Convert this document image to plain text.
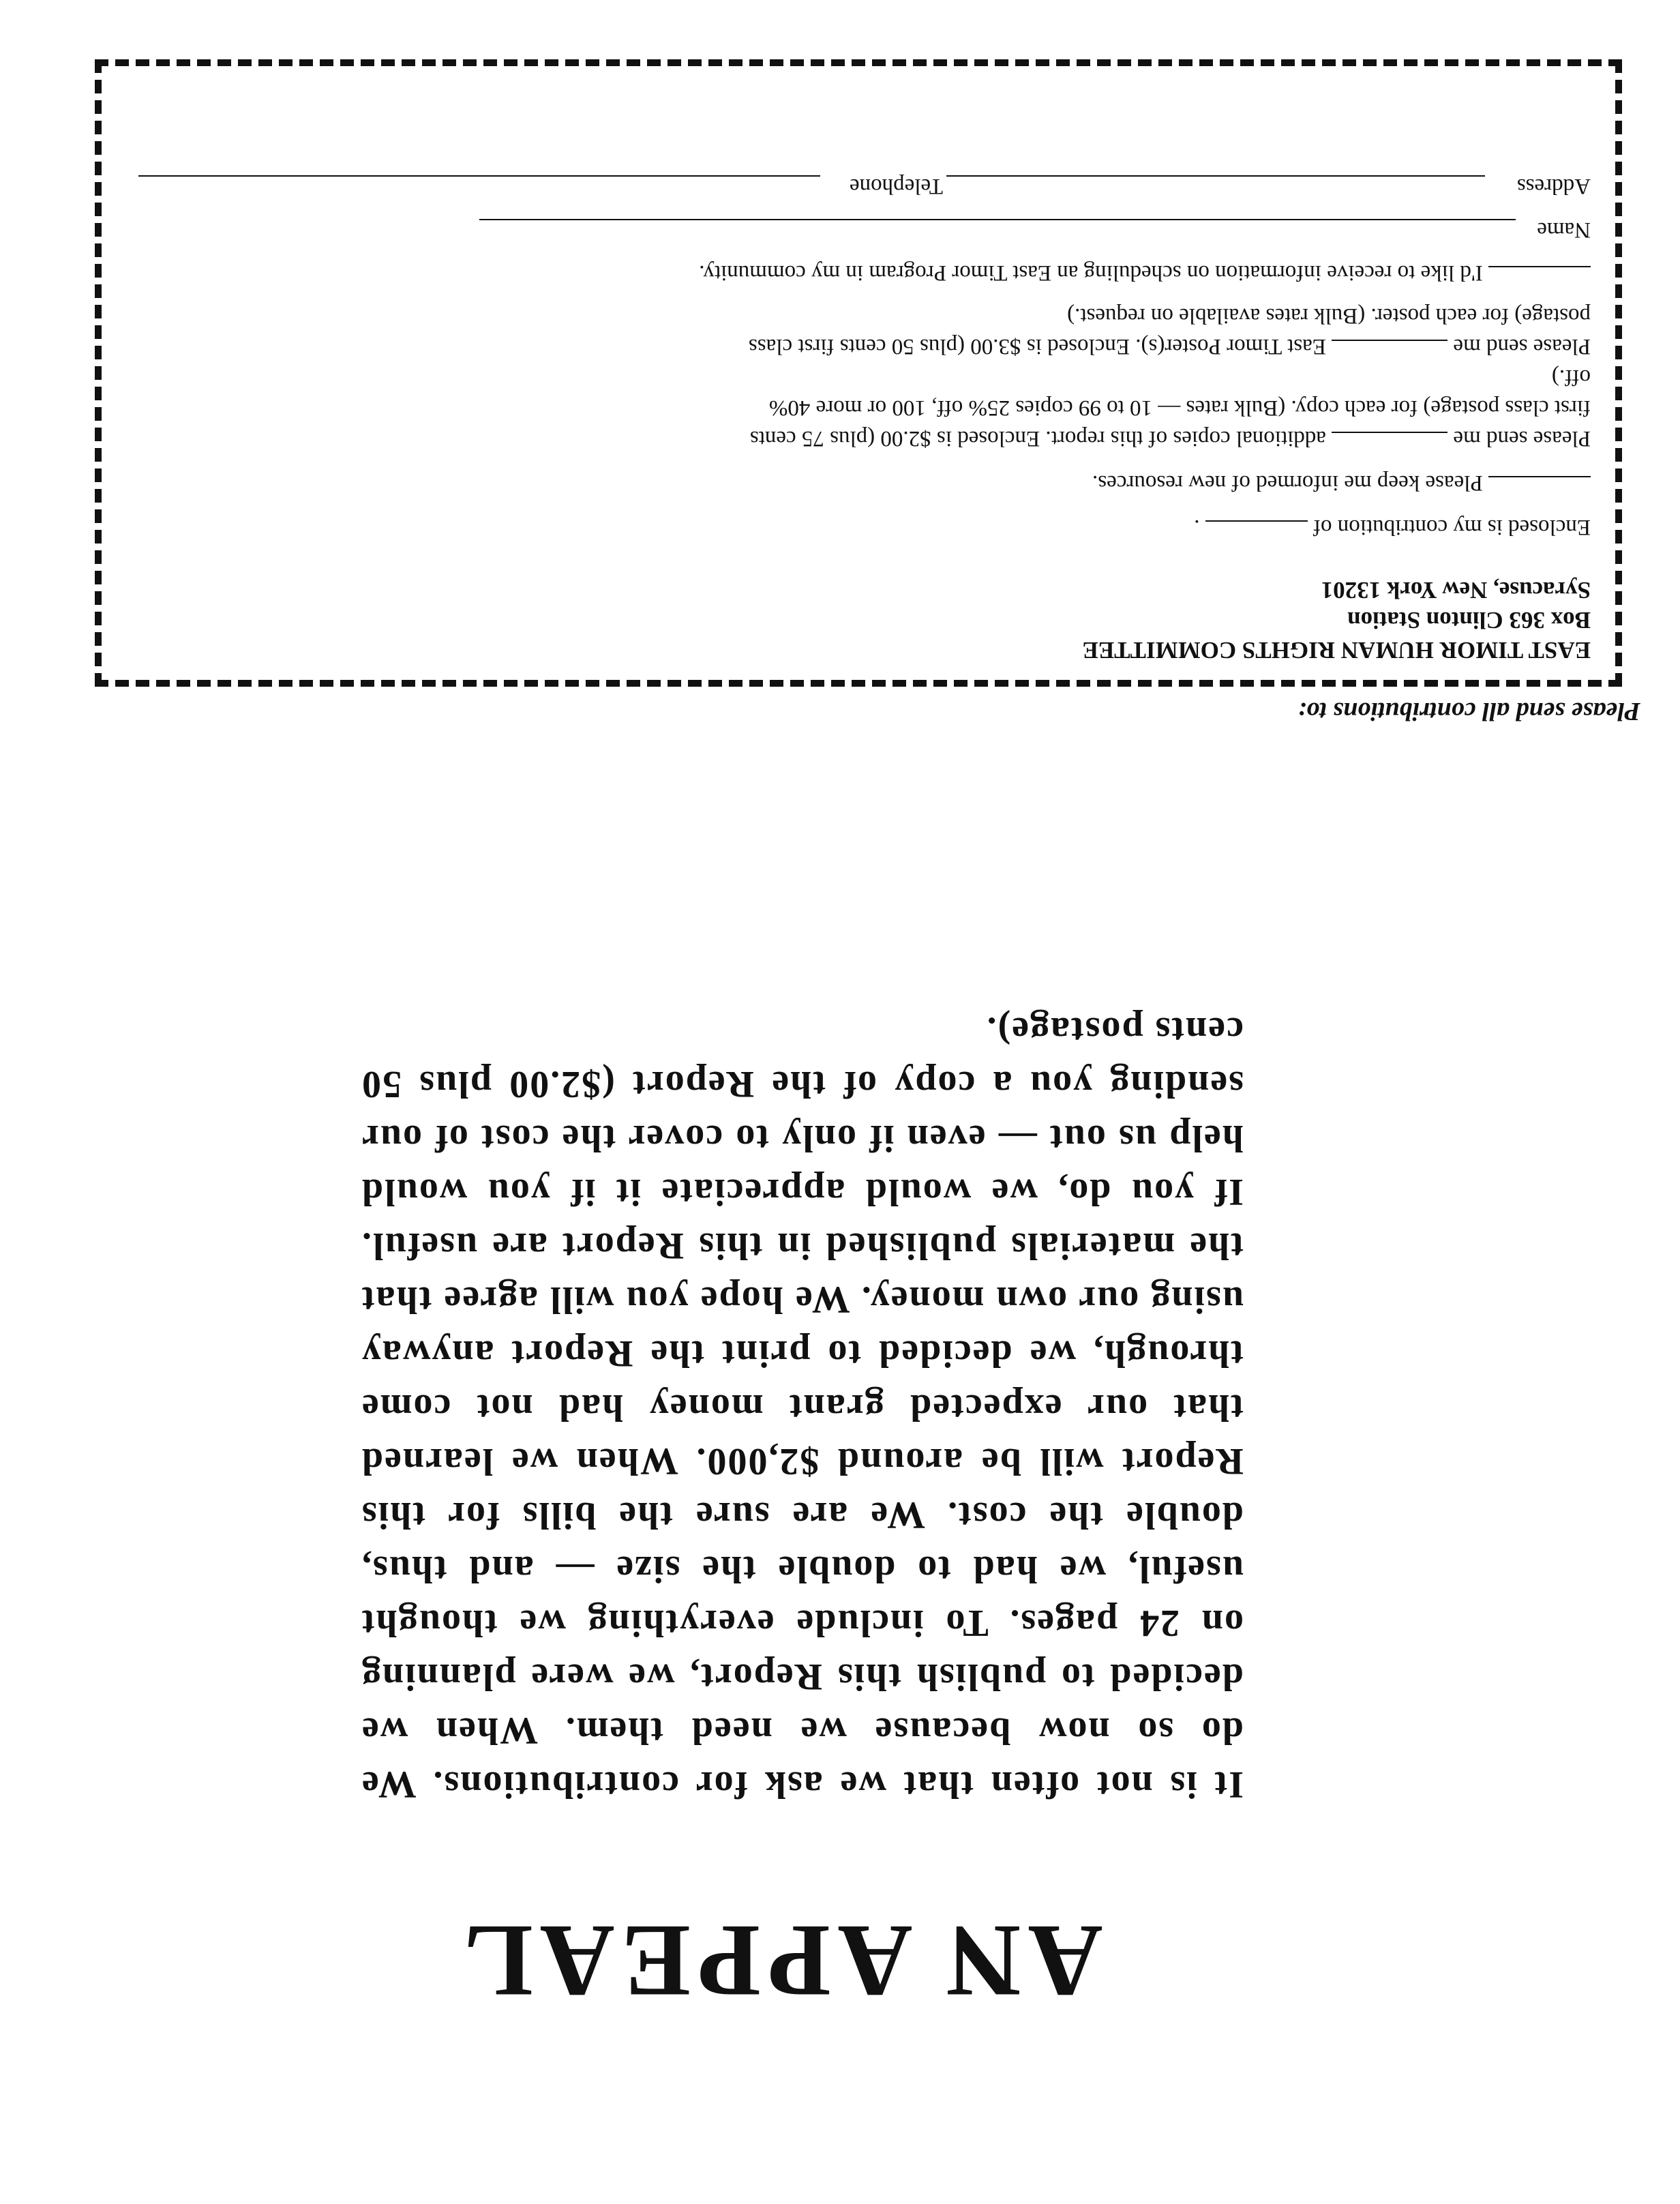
AN APPEAL

It is not often that we ask for contributions. We do so now because we need them. When we decided to publish this Report, we were planning on 24 pages. To include everything we thought useful, we had to double the size — and thus, double the cost. We are sure the bills for this Report will be around $2,000. When we learned that our expected grant money had not come through, we decided to print the Report anyway using our own money. We hope you will agree that the materials published in this Report are useful. If you do, we would appreciate it if you would help us out — even if only to cover the cost of our sending you a copy of the Report ($2.00 plus 50 cents postage).

Please send all contributions to:
EAST TIMOR HUMAN RIGHTS COMMITTEE
Box 363 Clinton Station
Syracuse, New York 13201
Enclosed is my contribution of  .
Please keep me informed of new resources.
Please send me  additional copies of this report. Enclosed is $2.00 (plus 75 cents
first class postage) for each copy. (Bulk rates — 10 to 99 copies 25% off, 100 or more 40%
off.)
Please send me  East Timor Poster(s). Enclosed is $3.00 (plus 50 cents first class
postage) for each poster. (Bulk rates available on request.)
I'd like to receive information on scheduling an East Timor Program in my community.
Name
Address
Telephone
